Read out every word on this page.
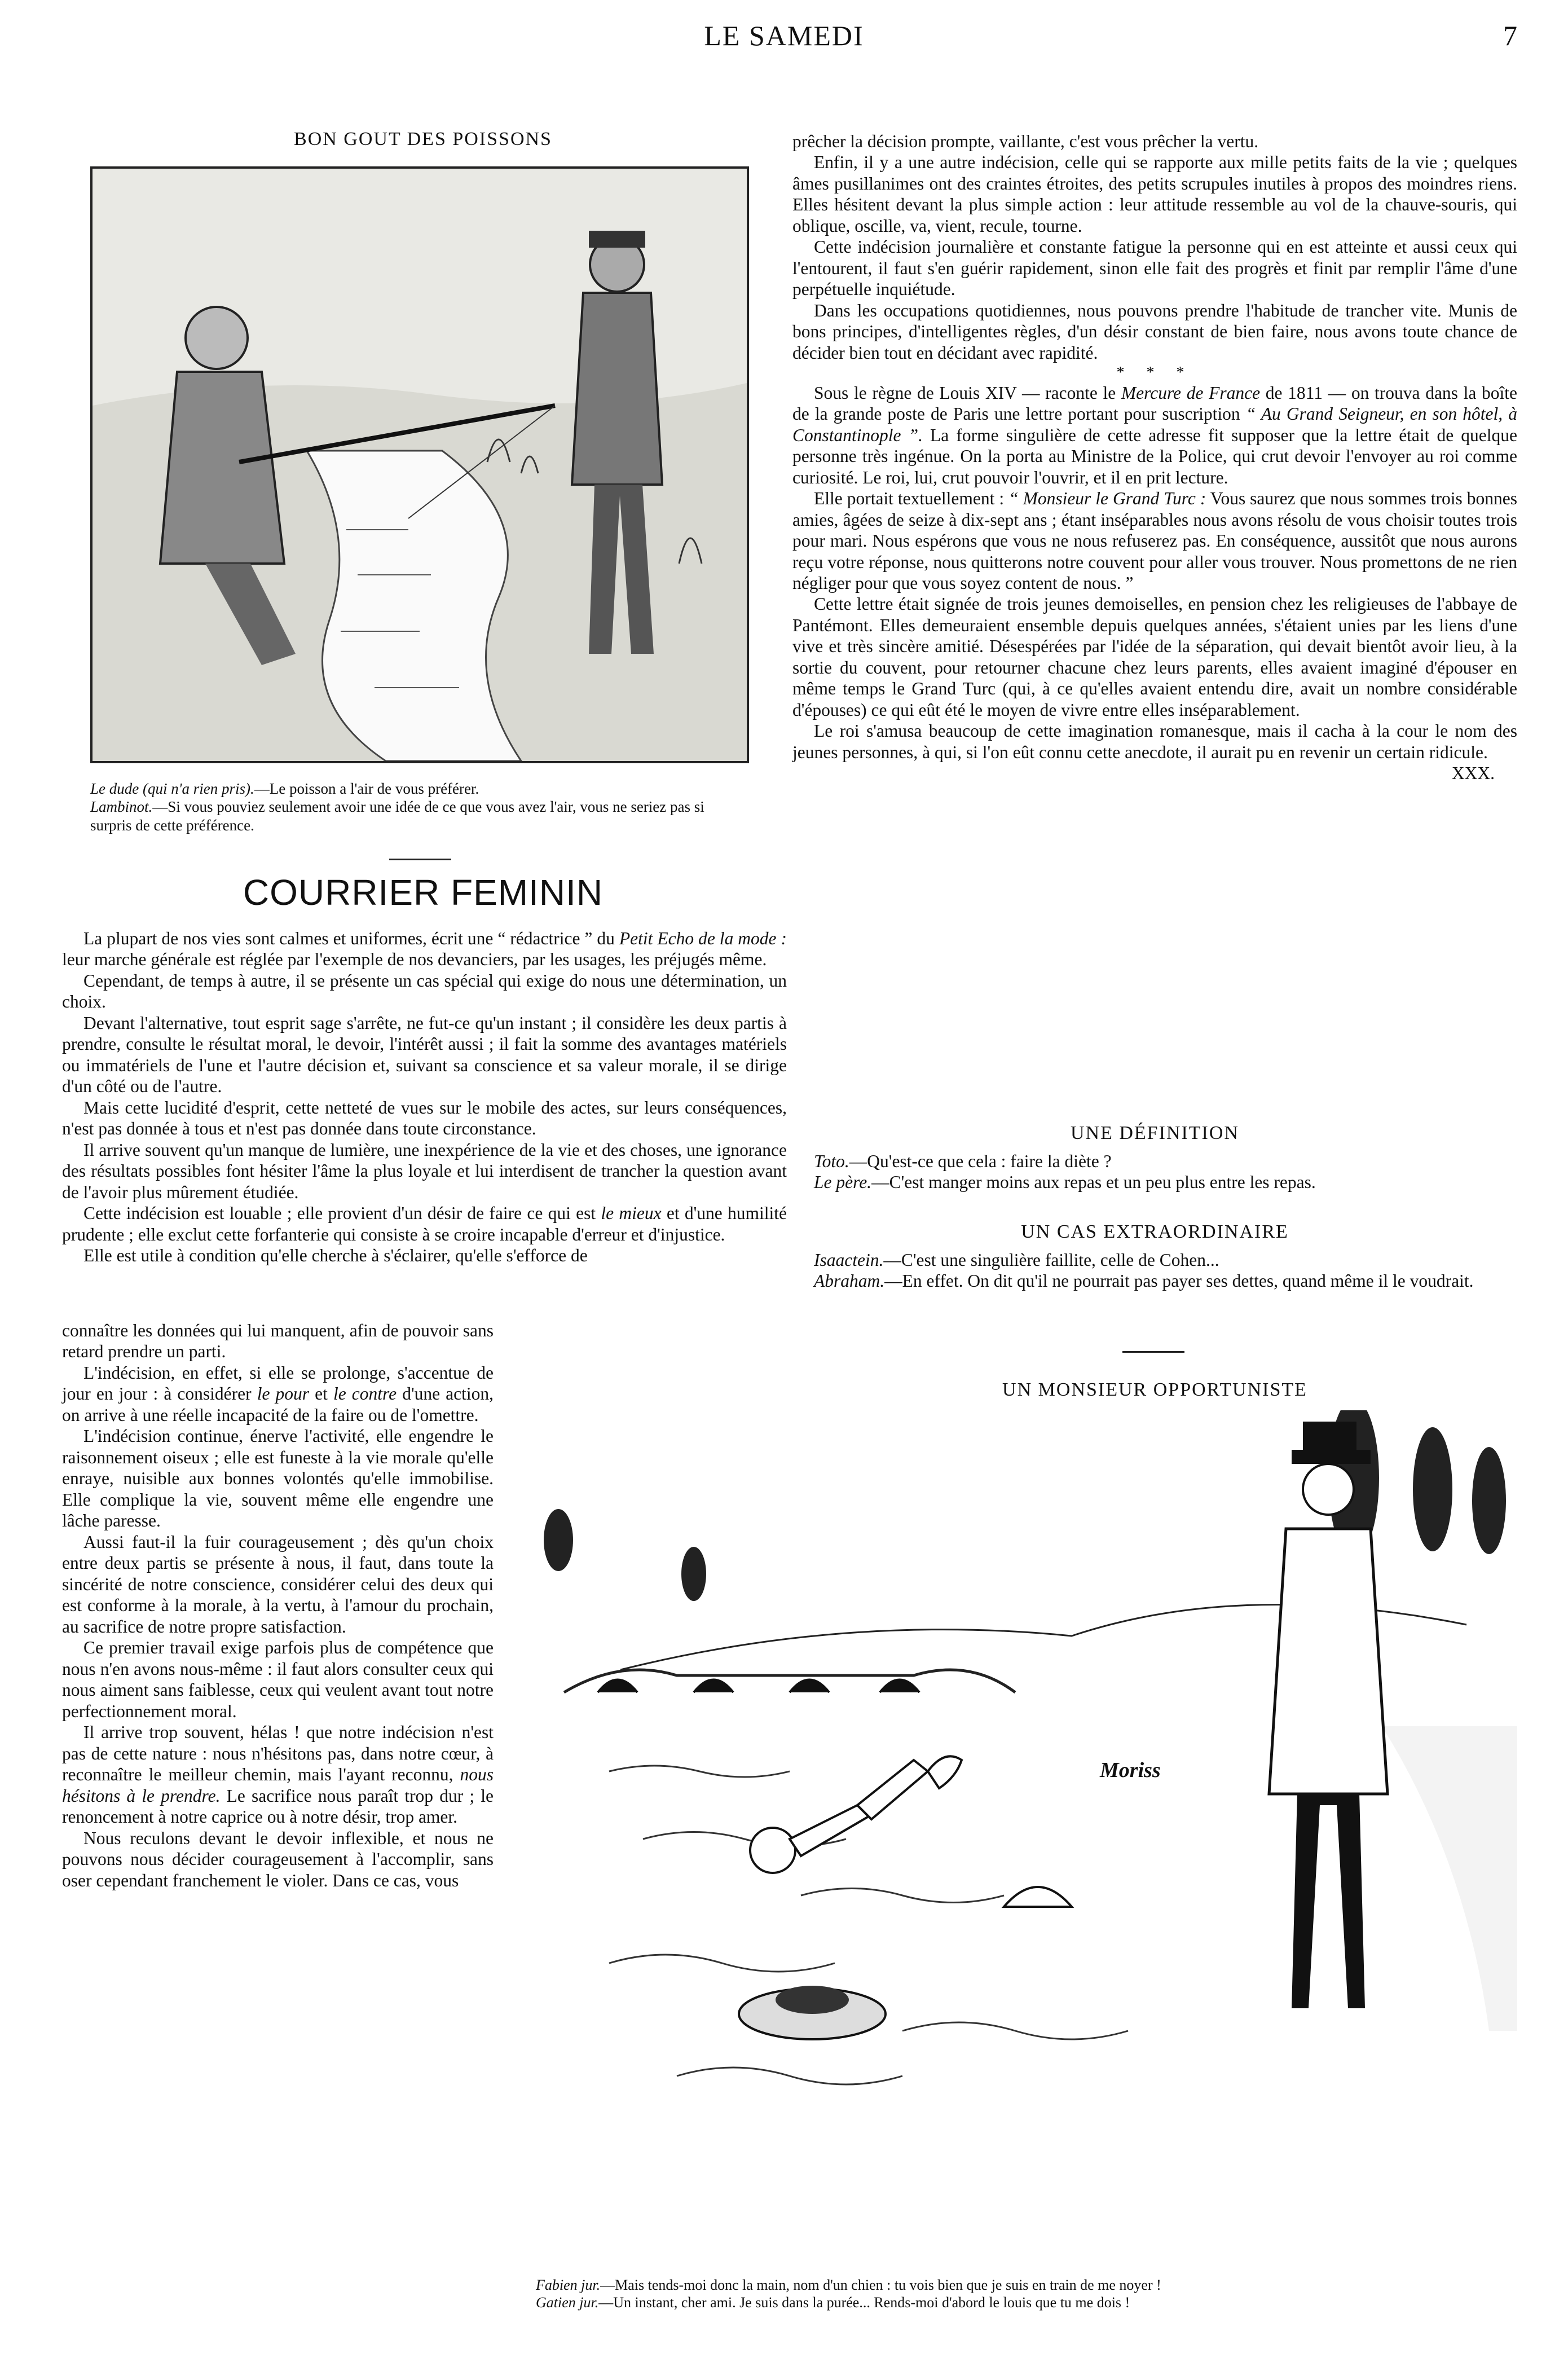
LE SAMEDI	7
BON GOUT DES POISSONS

Le dude (qui n'a rien pris).—Le poisson a l'air de vous préférer.

Lambinot.—Si vous pouviez seulement avoir une idée de ce que vous avez l'air, vous ne seriez pas si surpris de cette préférence.

COURRIER FEMININ

La plupart de nos vies sont calmes et uniformes, écrit une “ rédactrice ” du Petit Echo de la mode : leur marche générale est réglée par l'exemple de nos devanciers, par les usages, les préjugés même.

Cependant, de temps à autre, il se présente un cas spécial qui exige do nous une détermination, un choix.

Devant l'alternative, tout esprit sage s'arrête, ne fut-ce qu'un instant ; il considère les deux partis à prendre, consulte le résultat moral, le devoir, l'intérêt aussi ; il fait la somme des avantages matériels ou immatériels de l'une et l'autre décision et, suivant sa conscience et sa valeur morale, il se dirige d'un côté ou de l'autre.

Mais cette lucidité d'esprit, cette netteté de vues sur le mobile des actes, sur leurs conséquences, n'est pas donnée à tous et n'est pas donnée dans toute circonstance.

Il arrive souvent qu'un manque de lumière, une inexpérience de la vie et des choses, une ignorance des résultats possibles font hésiter l'âme la plus loyale et lui interdisent de trancher la question avant de l'avoir plus mûrement étudiée.

Cette indécision est louable ; elle provient d'un désir de faire ce qui est le mieux et d'une humilité prudente ; elle exclut cette forfanterie qui consiste à se croire incapable d'erreur et d'injustice.

Elle est utile à condition qu'elle cherche à s'éclairer, qu'elle s'efforce de

connaître les données qui lui manquent, afin de pouvoir sans retard prendre un parti.

L'indécision, en effet, si elle se prolonge, s'accentue de jour en jour : à considérer le pour et le contre d'une action, on arrive à une réelle incapacité de la faire ou de l'omettre.

L'indécision continue, énerve l'activité, elle engendre le raisonnement oiseux ; elle est funeste à la vie morale qu'elle enraye, nuisible aux bonnes volontés qu'elle immobilise. Elle complique la vie, souvent même elle engendre une lâche paresse.

Aussi faut-il la fuir courageusement ; dès qu'un choix entre deux partis se présente à nous, il faut, dans toute la sincérité de notre conscience, considérer celui des deux qui est conforme à la morale, à la vertu, à l'amour du prochain, au sacrifice de notre propre satisfaction.

Ce premier travail exige parfois plus de compétence que nous n'en avons nous-même : il faut alors consulter ceux qui nous aiment sans faiblesse, ceux qui veulent avant tout notre perfectionnement moral.

Il arrive trop souvent, hélas ! que notre indécision n'est pas de cette nature : nous n'hésitons pas, dans notre cœur, à reconnaître le meilleur chemin, mais l'ayant reconnu, nous hésitons à le prendre. Le sacrifice nous paraît trop dur ; le renoncement à notre caprice ou à notre désir, trop amer.

Nous reculons devant le devoir inflexible, et nous ne pouvons nous décider courageusement à l'accomplir, sans oser cependant franchement le violer. Dans ce cas, vous

prêcher la décision prompte, vaillante, c'est vous prêcher la vertu.

Enfin, il y a une autre indécision, celle qui se rapporte aux mille petits faits de la vie ; quelques âmes pusillanimes ont des craintes étroites, des petits scrupules inutiles à propos des moindres riens. Elles hésitent devant la plus simple action : leur attitude ressemble au vol de la chauve-souris, qui oblique, oscille, va, vient, recule, tourne.

Cette indécision journalière et constante fatigue la personne qui en est atteinte et aussi ceux qui l'entourent, il faut s'en guérir rapidement, sinon elle fait des progrès et finit par remplir l'âme d'une perpétuelle inquiétude.

Dans les occupations quotidiennes, nous pouvons prendre l'habitude de trancher vite. Munis de bons principes, d'intelligentes règles, d'un désir constant de bien faire, nous avons toute chance de décider bien tout en décidant avec rapidité.

* * *

Sous le règne de Louis XIV — raconte le Mercure de France de 1811 — on trouva dans la boîte de la grande poste de Paris une lettre portant pour suscription “ Au Grand Seigneur, en son hôtel, à Constantinople ”. La forme singulière de cette adresse fit supposer que la lettre était de quelque personne très ingénue. On la porta au Ministre de la Police, qui crut devoir l'envoyer au roi comme curiosité. Le roi, lui, crut pouvoir l'ouvrir, et il en prit lecture.

Elle portait textuellement : “ Monsieur le Grand Turc : Vous saurez que nous sommes trois bonnes amies, âgées de seize à dix-sept ans ; étant inséparables nous avons résolu de vous choisir toutes trois pour mari. Nous espérons que vous ne nous refuserez pas. En conséquence, aussitôt que nous aurons reçu votre réponse, nous quitterons notre couvent pour aller vous trouver. Nous promettons de ne rien négliger pour que vous soyez content de nous. ”

Cette lettre était signée de trois jeunes demoiselles, en pension chez les religieuses de l'abbaye de Pantémont. Elles demeuraient ensemble depuis quelques années, s'étaient unies par les liens d'une vive et très sincère amitié. Désespérées par l'idée de la séparation, qui devait bientôt avoir lieu, à la sortie du couvent, pour retourner chacune chez leurs parents, elles avaient imaginé d'épouser en même temps le Grand Turc (qui, à ce qu'elles avaient entendu dire, avait un nombre considérable d'épouses) ce qui eût été le moyen de vivre entre elles inséparablement.

Le roi s'amusa beaucoup de cette imagination romanesque, mais il cacha à la cour le nom des jeunes personnes, à qui, si l'on eût connu cette anecdote, il aurait pu en revenir un certain ridicule.

XXX.
UNE DÉFINITION

Toto.—Qu'est-ce que cela : faire la diète ?

Le père.—C'est manger moins aux repas et un peu plus entre les repas.

UN CAS EXTRAORDINAIRE

Isaactein.—C'est une singulière faillite, celle de Cohen...

Abraham.—En effet. On dit qu'il ne pourrait pas payer ses dettes, quand même il le voudrait.

UN MONSIEUR OPPORTUNISTE
Moriss

Fabien jur.—Mais tends-moi donc la main, nom d'un chien : tu vois bien que je suis en train de me noyer !

Gatien jur.—Un instant, cher ami. Je suis dans la purée... Rends-moi d'abord le louis que tu me dois !
